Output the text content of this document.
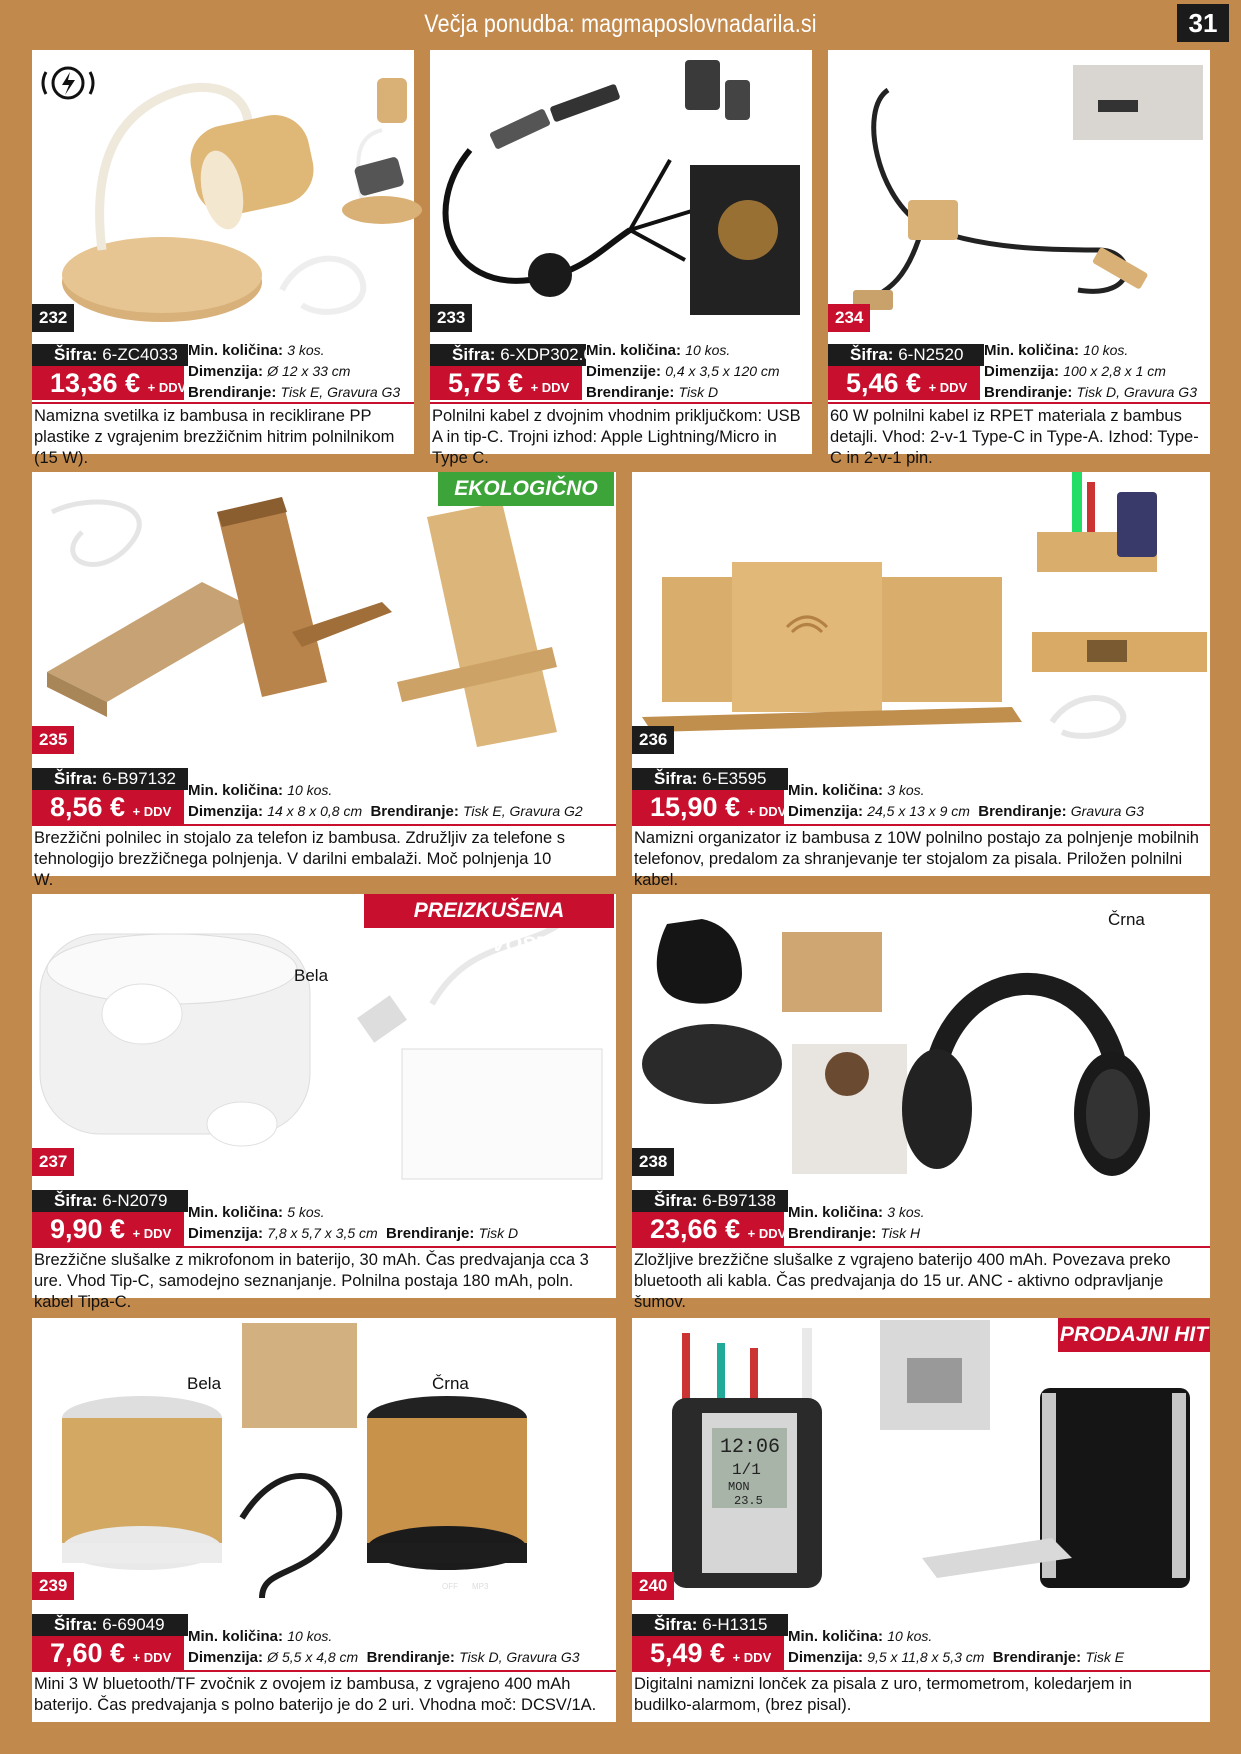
Večja ponudba: magmaposlovnadarila.si	31
232
Šifra: 6-ZC4033
13,36 € + DDV
Min. količina: 3 kos.
Dimenzija: Ø 12 x 33 cm
Brendiranje: Tisk E, Gravura G3
Namizna svetilka iz bambusa in reciklirane PP plastike z vgrajenim brezžičnim hitrim polnilnikom (15 W).
233
Šifra: 6-XDP302.68
5,75 € + DDV
Min. količina: 10 kos.
Dimenzije: 0,4 x 3,5 x 120 cm
Brendiranje: Tisk D
Polnilni kabel z dvojnim vhodnim priključkom: USB A in tip-C. Trojni izhod: Apple Lightning/Micro in Type C.
234
Šifra: 6-N2520
5,46 € + DDV
Min. količina: 10 kos.
Dimenzija: 100 x 2,8 x 1 cm
Brendiranje: Tisk D, Gravura G3
60 W polnilni kabel iz RPET materiala z bambus detajli. Vhod: 2-v-1 Type-C in Type-A. Izhod: Type-C in 2-v-1 pin.
EKOLOGIČNO
235
Šifra: 6-B97132
8,56 € + DDV
Min. količina: 10 kos.
Dimenzija: 14 x 8 x 0,8 cm Brendiranje: Tisk E, Gravura G2
Brezžični polnilec in stojalo za telefon iz bambusa. Združljiv za telefone s tehnologijo brezžičnega polnjenja. V darilni embalaži. Moč polnjenja 10 W.
236
Šifra: 6-E3595
15,90 € + DDV
Min. količina: 3 kos.
Dimenzija: 24,5 x 13 x 9 cm Brendiranje: Gravura G3
Namizni organizator iz bambusa z 10W polnilno postajo za polnjenje mobilnih telefonov, predalom za shranjevanje ter stojalom za pisala. Priložen polnilni kabel.
Bela
PREIZKUŠENA KAKOVOST
237
Šifra: 6-N2079
9,90 € + DDV
Min. količina: 5 kos.
Dimenzija: 7,8 x 5,7 x 3,5 cm Brendiranje: Tisk D
Brezžične slušalke z mikrofonom in baterijo, 30 mAh. Čas predvajanja cca 3 ure. Vhod Tip-C, samodejno seznanjanje. Polnilna postaja 180 mAh, poln. kabel Tipa-C.
Črna
238
Šifra: 6-B97138
23,66 € + DDV
Min. količina: 3 kos.
Brendiranje: Tisk H
Zložljive brezžične slušalke z vgrajeno baterijo 400 mAh. Povezava preko bluetooth ali kabla. Čas predvajanja do 15 ur. ANC - aktivno odpravljanje šumov.
OFF MP3
Bela	Črna
239
Šifra: 6-69049
7,60 € + DDV
Min. količina: 10 kos.
Dimenzija: Ø 5,5 x 4,8 cm Brendiranje: Tisk D, Gravura G3
Mini 3 W bluetooth/TF zvočnik z ovojem iz bambusa, z vgrajeno 400 mAh baterijo. Čas predvajanja s polno baterijo je do 2 uri. Vhodna moč: DCSV/1A.
12:06
1/1
MON
23.5
PRODAJNI HIT
240
Šifra: 6-H1315
5,49 € + DDV
Min. količina: 10 kos.
Dimenzija: 9,5 x 11,8 x 5,3 cm Brendiranje: Tisk E
Digitalni namizni lonček za pisala z uro, termometrom, koledarjem in budilko-alarmom, (brez pisal).
